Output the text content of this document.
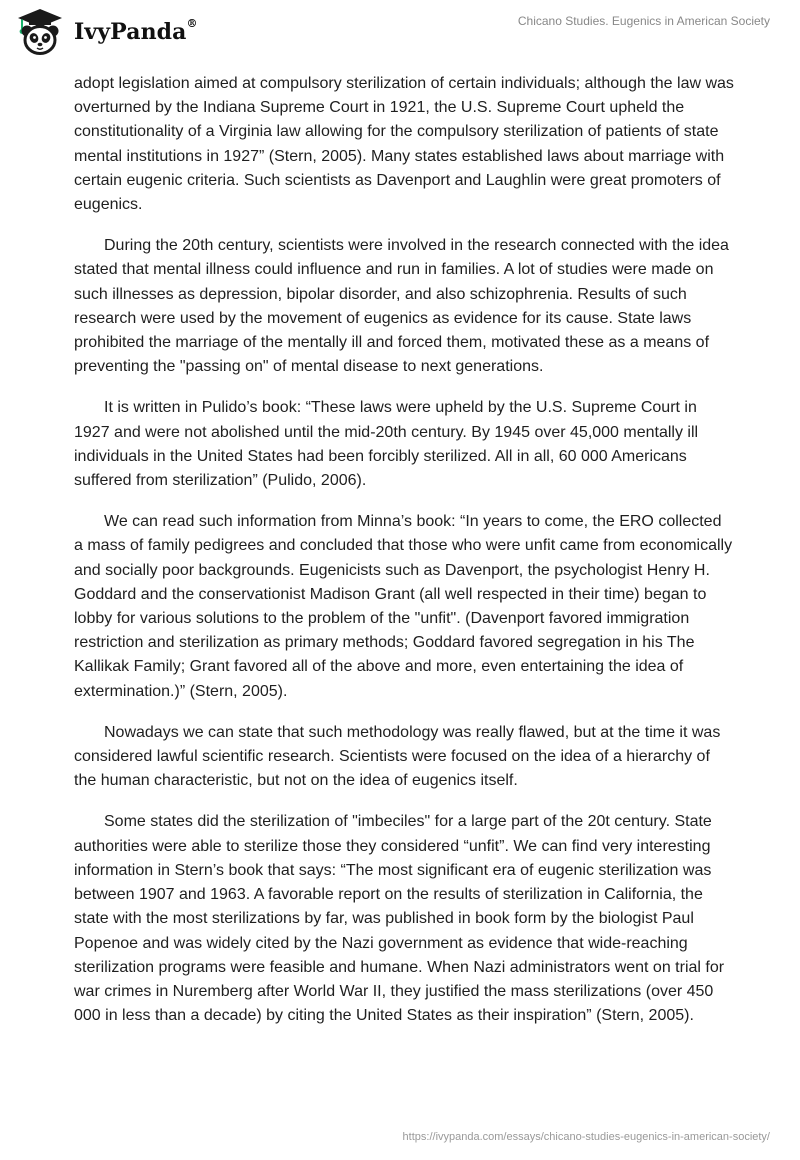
IvyPanda®	Chicano Studies. Eugenics in American Society

adopt legislation aimed at compulsory sterilization of certain individuals; although the law was overturned by the Indiana Supreme Court in 1921, the U.S. Supreme Court upheld the constitutionality of a Virginia law allowing for the compulsory sterilization of patients of state mental institutions in 1927” (Stern, 2005). Many states established laws about marriage with certain eugenic criteria. Such scientists as Davenport and Laughlin were great promoters of eugenics.

During the 20th century, scientists were involved in the research connected with the idea stated that mental illness could influence and run in families. A lot of studies were made on such illnesses as depression, bipolar disorder, and also schizophrenia. Results of such research were used by the movement of eugenics as evidence for its cause. State laws prohibited the marriage of the mentally ill and forced them, motivated these as a means of preventing the "passing on" of mental disease to next generations.

It is written in Pulido’s book: “These laws were upheld by the U.S. Supreme Court in 1927 and were not abolished until the mid-20th century. By 1945 over 45,000 mentally ill individuals in the United States had been forcibly sterilized. All in all, 60 000 Americans suffered from sterilization” (Pulido, 2006).

We can read such information from Minna’s book: “In years to come, the ERO collected a mass of family pedigrees and concluded that those who were unfit came from economically and socially poor backgrounds. Eugenicists such as Davenport, the psychologist Henry H. Goddard and the conservationist Madison Grant (all well respected in their time) began to lobby for various solutions to the problem of the "unfit". (Davenport favored immigration restriction and sterilization as primary methods; Goddard favored segregation in his The Kallikak Family; Grant favored all of the above and more, even entertaining the idea of extermination.)” (Stern, 2005).

Nowadays we can state that such methodology was really flawed, but at the time it was considered lawful scientific research. Scientists were focused on the idea of a hierarchy of the human characteristic, but not on the idea of eugenics itself.

Some states did the sterilization of "imbeciles" for a large part of the 20t century. State authorities were able to sterilize those they considered “unfit”. We can find very interesting information in Stern’s book that says: “The most significant era of eugenic sterilization was between 1907 and 1963. A favorable report on the results of sterilization in California, the state with the most sterilizations by far, was published in book form by the biologist Paul Popenoe and was widely cited by the Nazi government as evidence that wide-reaching sterilization programs were feasible and humane. When Nazi administrators went on trial for war crimes in Nuremberg after World War II, they justified the mass sterilizations (over 450 000 in less than a decade) by citing the United States as their inspiration” (Stern, 2005).

https://ivypanda.com/essays/chicano-studies-eugenics-in-american-society/
